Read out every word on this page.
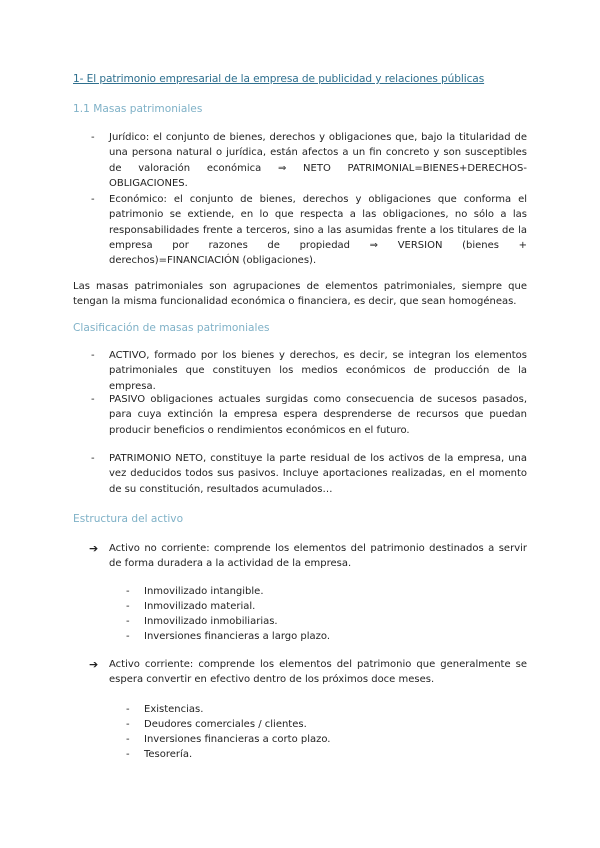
1- El patrimonio empresarial de la empresa de publicidad y relaciones públicas
1.1 Masas patrimoniales
- Jurídico: el conjunto de bienes, derechos y obligaciones que, bajo la titularidad de una persona natural o jurídica, están afectos a un fin concreto y son susceptibles de valoración económica ⇒ NETO PATRIMONIAL=BIENES+DERECHOS-OBLIGACIONES.
- Económico: el conjunto de bienes, derechos y obligaciones que conforma el patrimonio se extiende, en lo que respecta a las obligaciones, no sólo a las responsabilidades frente a terceros, sino a las asumidas frente a los titulares de la empresa por razones de propiedad ⇒ VERSION (bienes + derechos)=FINANCIACIÓN (obligaciones).
Las masas patrimoniales son agrupaciones de elementos patrimoniales, siempre que tengan la misma funcionalidad económica o financiera, es decir, que sean homogéneas.
Clasificación de masas patrimoniales
- ACTIVO, formado por los bienes y derechos, es decir, se integran los elementos patrimoniales que constituyen los medios económicos de producción de la empresa.
- PASIVO obligaciones actuales surgidas como consecuencia de sucesos pasados, para cuya extinción la empresa espera desprenderse de recursos que puedan producir beneficios o rendimientos económicos en el futuro.
- PATRIMONIO NETO, constituye la parte residual de los activos de la empresa, una vez deducidos todos sus pasivos. Incluye aportaciones realizadas, en el momento de su constitución, resultados acumulados…
Estructura del activo
➔ Activo no corriente: comprende los elementos del patrimonio destinados a servir de forma duradera a la actividad de la empresa.
- Inmovilizado intangible.
- Inmovilizado material.
- Inmovilizado inmobiliarias.
- Inversiones financieras a largo plazo.
➔ Activo corriente: comprende los elementos del patrimonio que generalmente se espera convertir en efectivo dentro de los próximos doce meses.
- Existencias.
- Deudores comerciales / clientes.
- Inversiones financieras a corto plazo.
- Tesorería.
